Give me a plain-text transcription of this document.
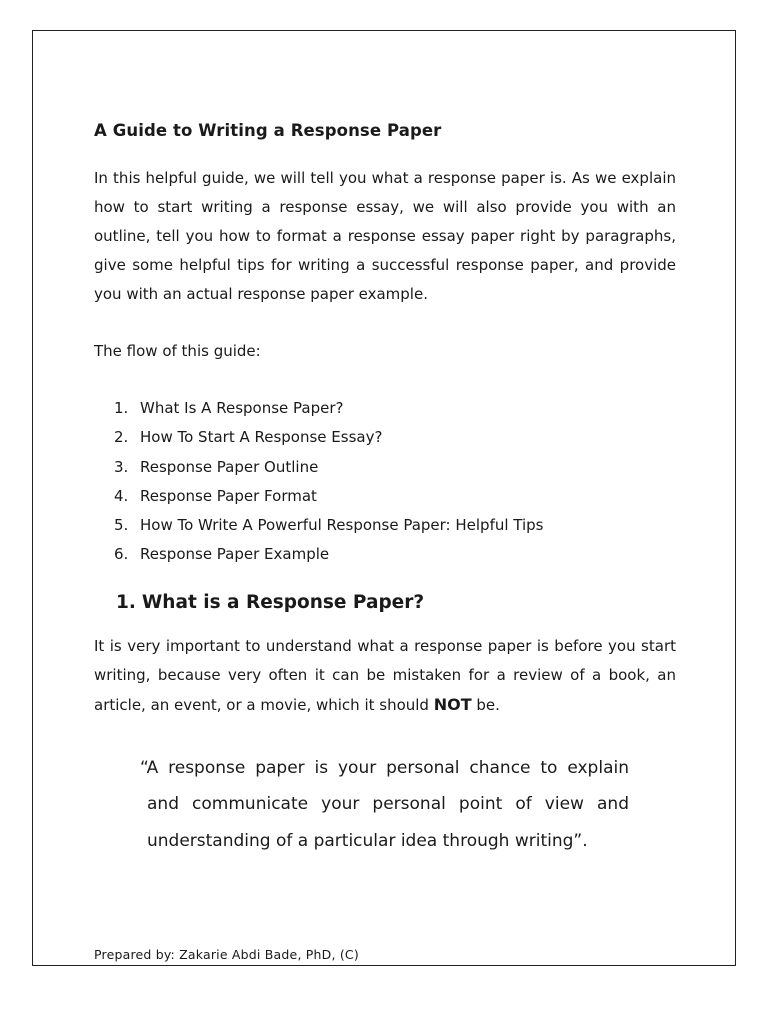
A Guide to Writing a Response Paper

In this helpful guide, we will tell you what a response paper is. As we explain how to start writing a response essay, we will also provide you with an outline, tell you how to format a response essay paper right by paragraphs, give some helpful tips for writing a successful response paper, and provide you with an actual response paper example.

The flow of this guide:

1. What Is A Response Paper?
2. How To Start A Response Essay?
3. Response Paper Outline
4. Response Paper Format
5. How To Write A Powerful Response Paper: Helpful Tips
6. Response Paper Example
1. What is a Response Paper?

It is very important to understand what a response paper is before you start writing, because very often it can be mistaken for a review of a book, an article, an event, or a movie, which it should NOT be.

“A response paper is your personal chance to explain and communicate your personal point of view and understanding of a particular idea through writing”.

Prepared by: Zakarie Abdi Bade, PhD, (C)
